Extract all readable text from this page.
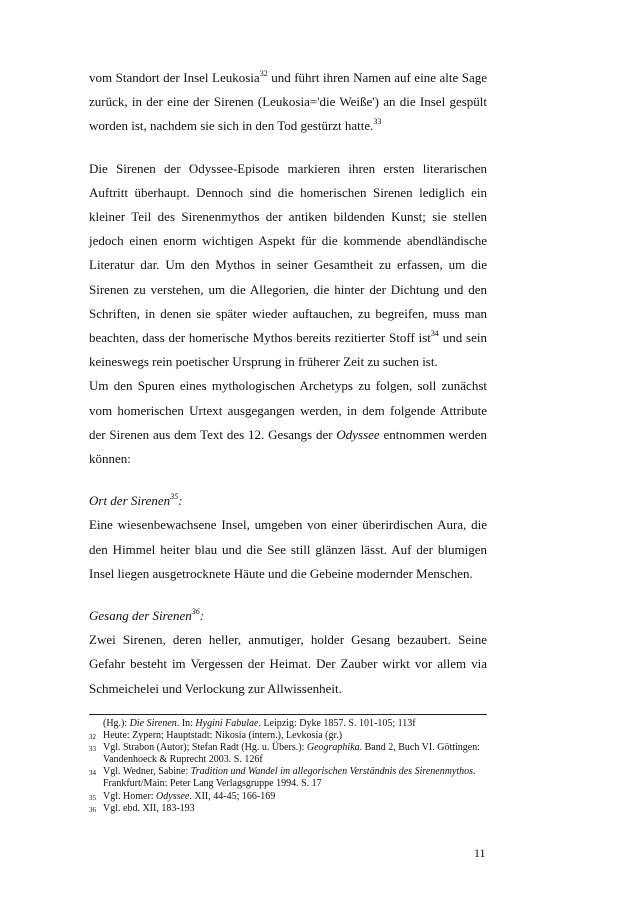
vom Standort der Insel Leukosia$^{32}$ und führt ihren Namen auf eine alte Sage zurück, in der eine der Sirenen (Leukosia='die Weiße') an die Insel gespült worden ist, nachdem sie sich in den Tod gestürzt hatte.$^{33}$

Die Sirenen der Odyssee-Episode markieren ihren ersten literarischen Auftritt überhaupt. Dennoch sind die homerischen Sirenen lediglich ein kleiner Teil des Sirenenmythos der antiken bildenden Kunst; sie stellen jedoch einen enorm wichtigen Aspekt für die kommende abendländische Literatur dar. Um den Mythos in seiner Gesamtheit zu erfassen, um die Sirenen zu verstehen, um die Allegorien, die hinter der Dichtung und den Schriften, in denen sie später wieder auftauchen, zu begreifen, muss man beachten, dass der homerische Mythos bereits rezitierter Stoff ist$^{34}$ und sein keineswegs rein poetischer Ursprung in früherer Zeit zu suchen ist.

Um den Spuren eines mythologischen Archetyps zu folgen, soll zunächst vom homerischen Urtext ausgegangen werden, in dem folgende Attribute der Sirenen aus dem Text des 12. Gesangs der Odyssee entnommen werden können:

Ort der Sirenen$^{35}$:

Eine wiesenbewachsene Insel, umgeben von einer überirdischen Aura, die den Himmel heiter blau und die See still glänzen lässt. Auf der blumigen Insel liegen ausgetrocknete Häute und die Gebeine modernder Menschen.

Gesang der Sirenen$^{36}$:

Zwei Sirenen, deren heller, anmutiger, holder Gesang bezaubert. Seine Gefahr besteht im Vergessen der Heimat. Der Zauber wirkt vor allem via Schmeichelei und Verlockung zur Allwissenheit.

(Hg.): Die Sirenen. In: Hygini Fabulae. Leipzig: Dyke 1857. S. 101-105; 113f
32 Heute: Zypern; Hauptstadt: Nikosia (intern.), Levkosía (gr.)
33 Vgl. Strabon (Autor); Stefan Radt (Hg. u. Übers.): Geographika. Band 2, Buch VI. Göttingen: Vandenhoeck & Ruprecht 2003. S. 126f
34 Vgl. Wedner, Sabine: Tradition und Wandel im allegorischen Verständnis des Sirenenmythos. Frankfurt/Main: Peter Lang Verlagsgruppe 1994. S. 17
35 Vgl. Homer: Odyssee. XII, 44-45; 166-169
36 Vgl. ebd. XII, 183-193
11
